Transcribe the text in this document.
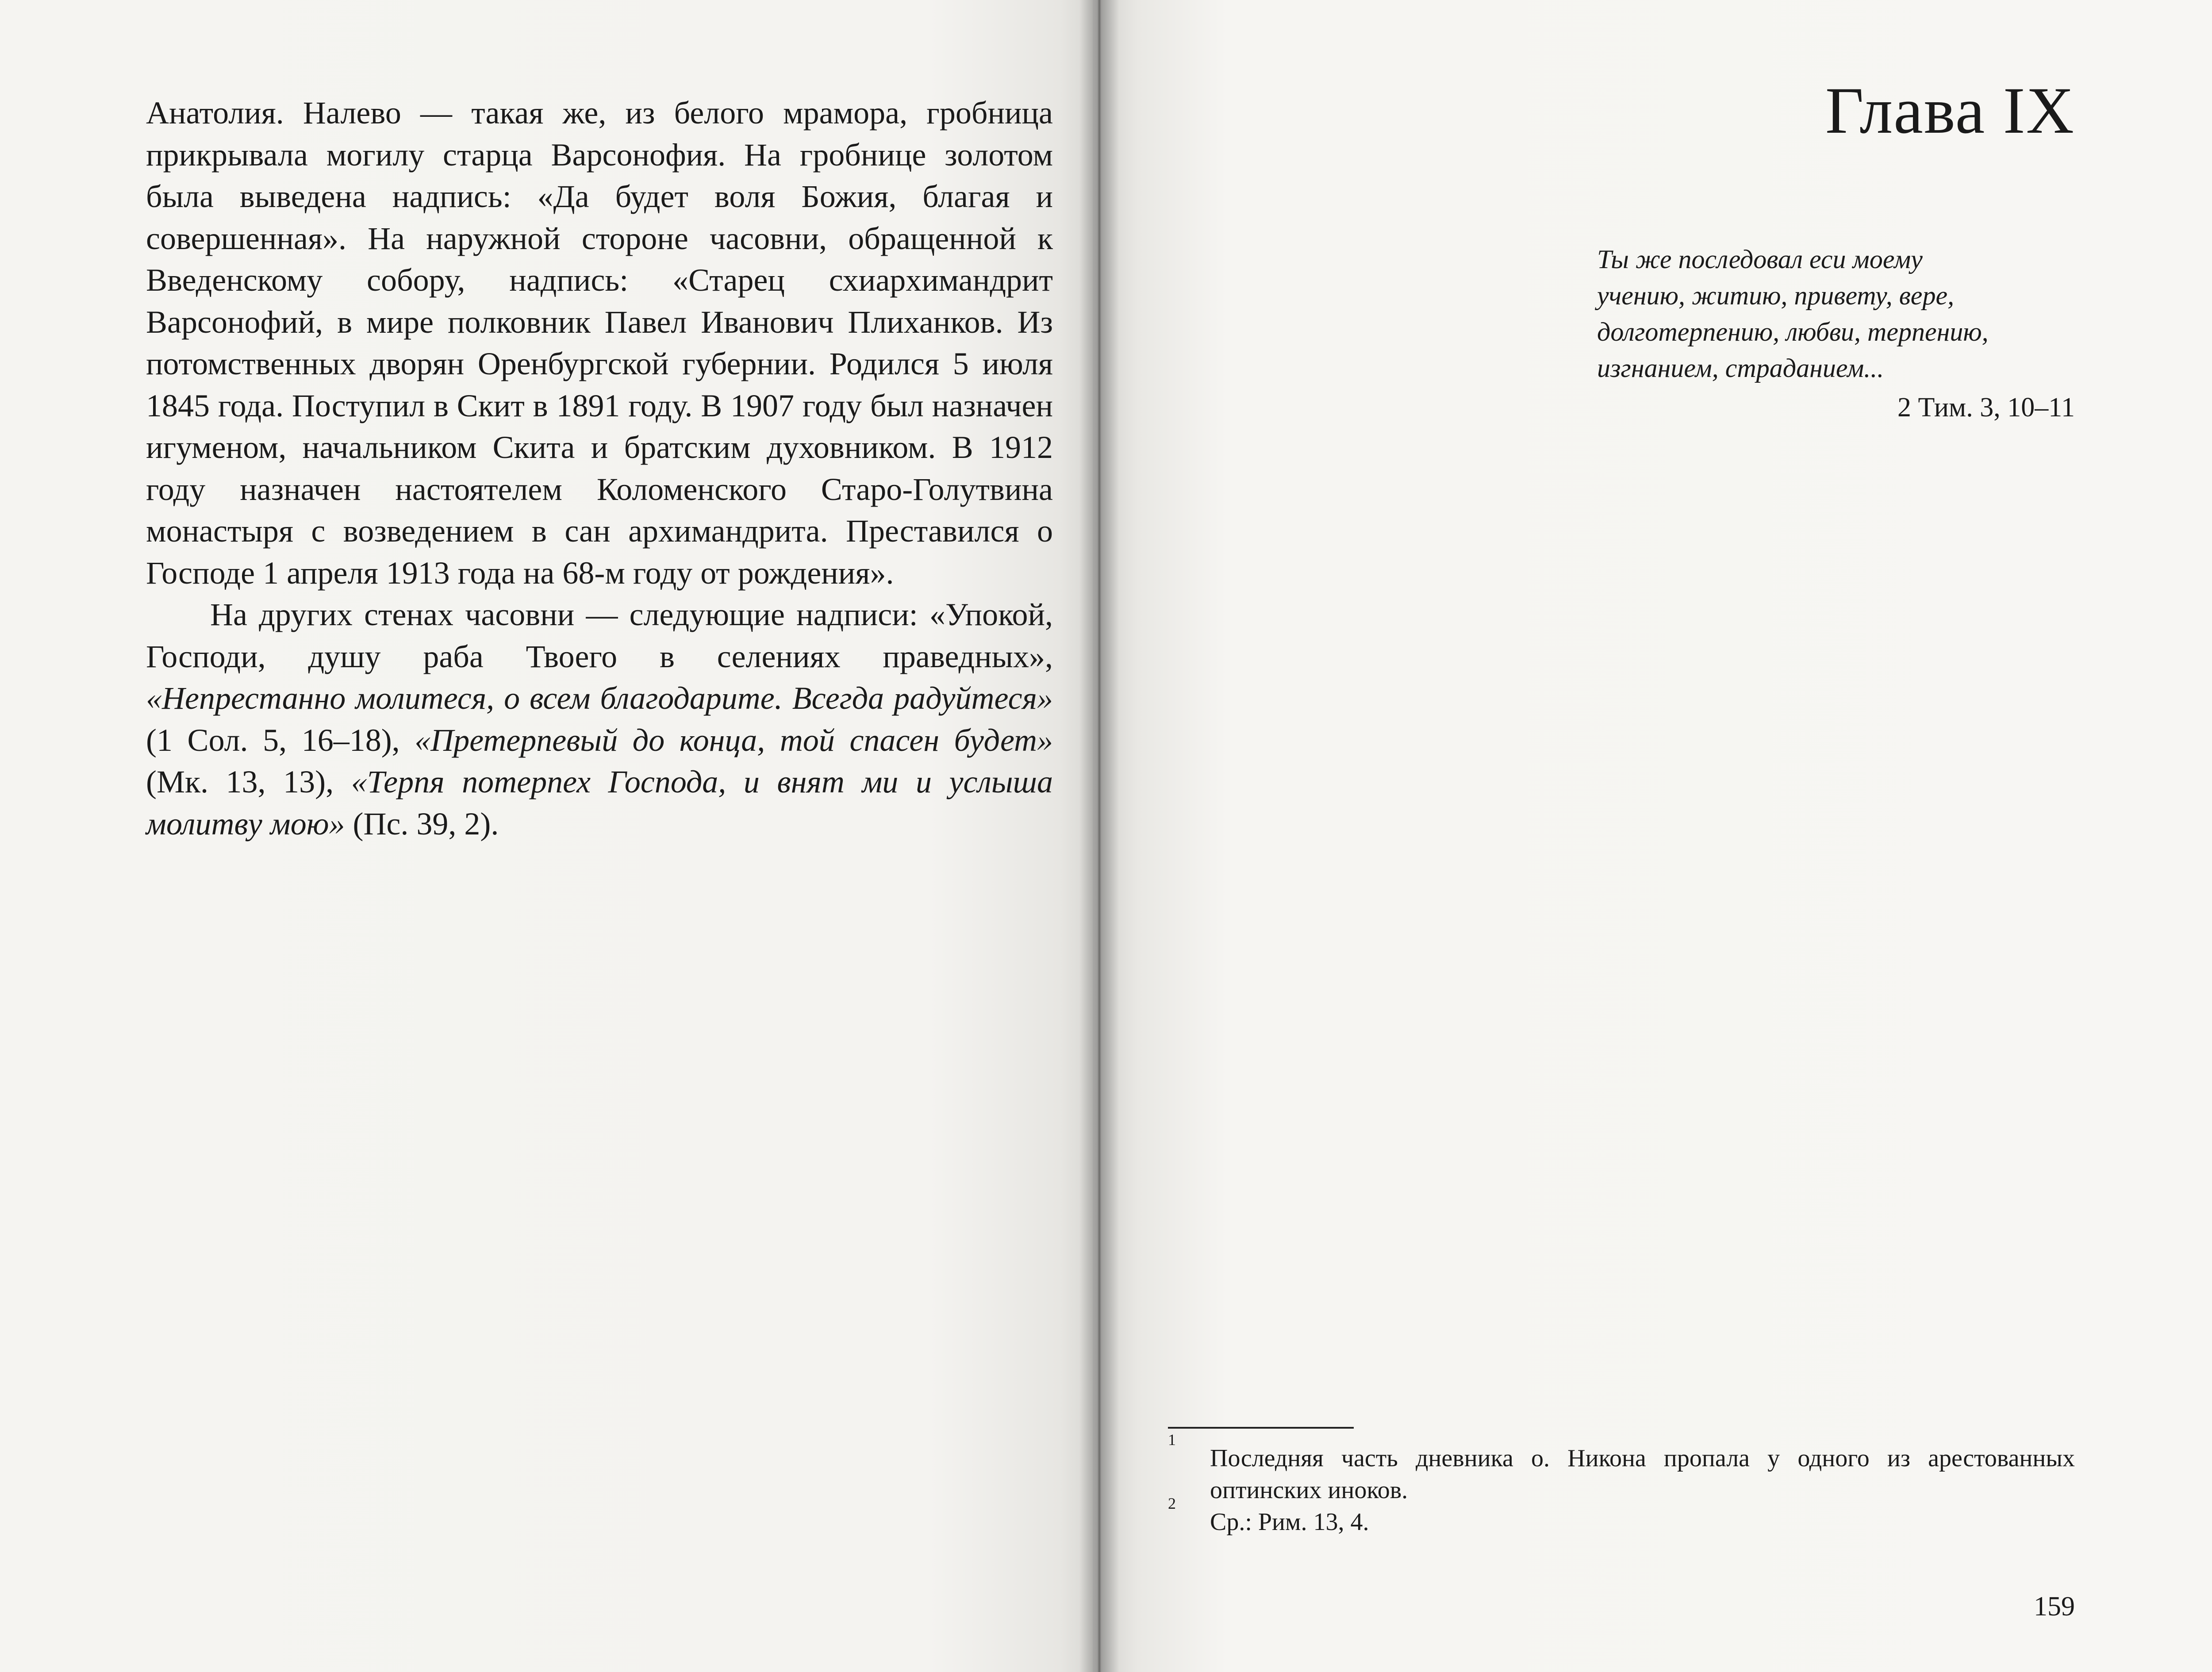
Анатолия. Налево — такая же, из белого мрамора, гробница прикрывала могилу старца Варсонофия. На гробнице золотом была выведена надпись: «Да будет воля Божия, благая и совершенная». На наружной стороне часовни, обращенной к Введенскому собору, надпись: «Старец схиархимандрит Варсонофий, в мире полковник Павел Иванович Плиханков. Из потомственных дворян Оренбургской губернии. Родился 5 июля 1845 года. Поступил в Скит в 1891 году. В 1907 году был назначен игуменом, начальником Скита и братским духовником. В 1912 году назначен настоятелем Коломенского Старо-Голутвина монастыря с возведением в сан архимандрита. Преставился о Господе 1 апреля 1913 года на 68-м году от рождения».

На других стенах часовни — следующие надписи: «Упокой, Господи, душу раба Твоего в селениях праведных», «Непрестанно молитеся, о всем благодарите. Всегда радуйтеся» (1 Сол. 5, 16–18), «Претерпевый до конца, той спасен будет» (Мк. 13, 13), «Терпя потерпех Господа, и внят ми и услыша молитву мою» (Пс. 39, 2).

Глава IX
Ты же последовал еси моему
учению, житию, привету, вере,
долготерпению, любви, терпению,
изгнанием, страданием...
2 Тим. 3, 10–11

1
Последняя часть дневника о. Никона пропала у одного из арестованных оптинских иноков.

2
Ср.: Рим. 13, 4.

159
